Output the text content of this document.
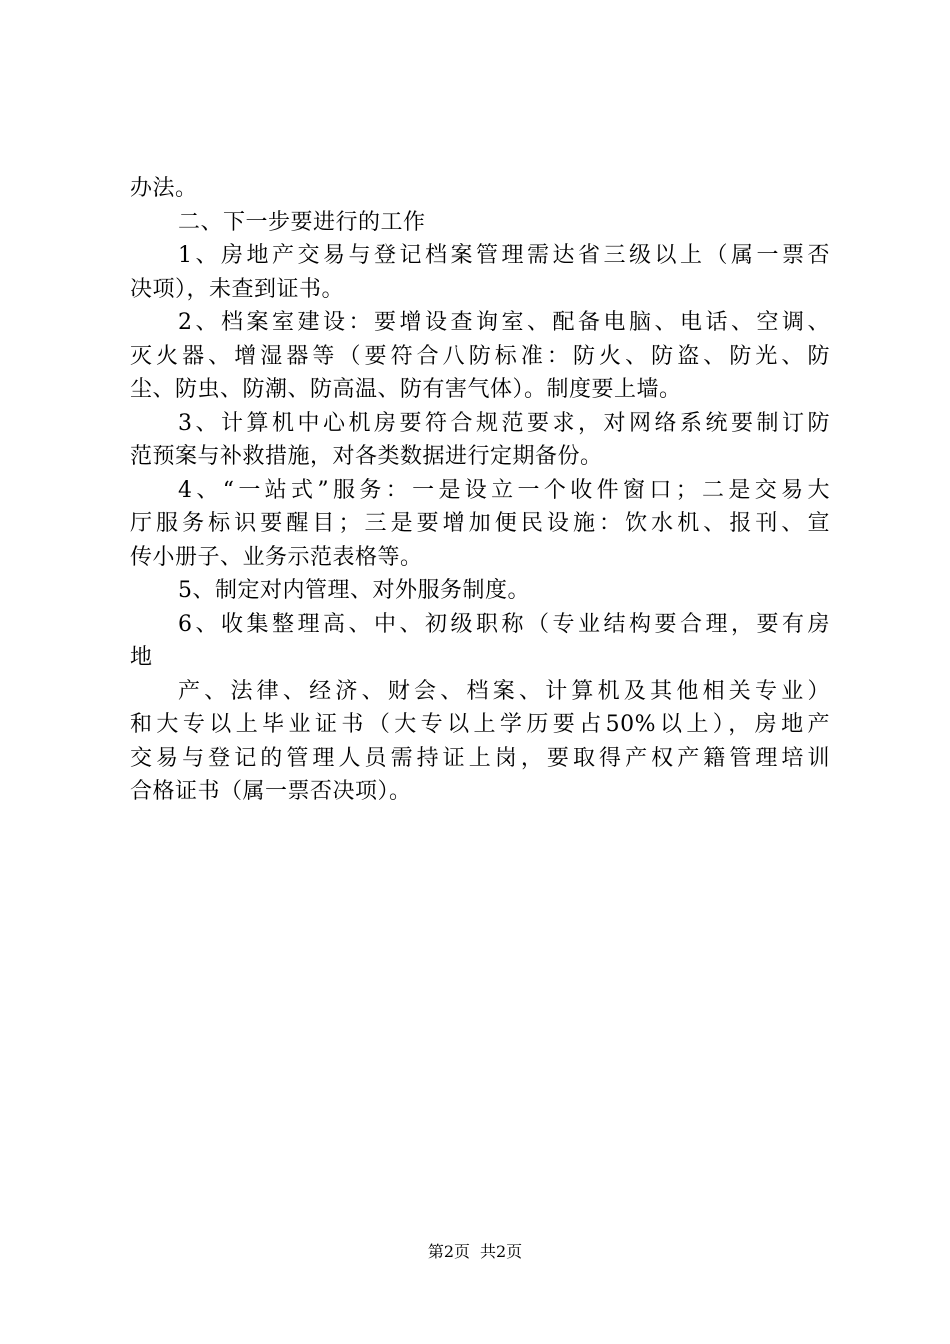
办法。
二、下一步要进行的工作
1、房地产交易与登记档案管理需达省三级以上（属一票否
决项），未查到证书。
2、档案室建设：要增设查询室、配备电脑、电话、空调、
灭火器、增湿器等（要符合八防标准：防火、防盗、防光、防
尘、防虫、防潮、防高温、防有害气体）。制度要上墙。
3、计算机中心机房要符合规范要求，对网络系统要制订防
范预案与补救措施，对各类数据进行定期备份。
4、“一站式”服务：一是设立一个收件窗口；二是交易大
厅服务标识要醒目；三是要增加便民设施：饮水机、报刊、宣
传小册子、业务示范表格等。
5、制定对内管理、对外服务制度。
6、收集整理高、中、初级职称（专业结构要合理，要有房
地
产、法律、经济、财会、档案、计算机及其他相关专业）
和大专以上毕业证书（大专以上学历要占50%以上），房地产
交易与登记的管理人员需持证上岗，要取得产权产籍管理培训
合格证书（属一票否决项）。
第2页 共2页
